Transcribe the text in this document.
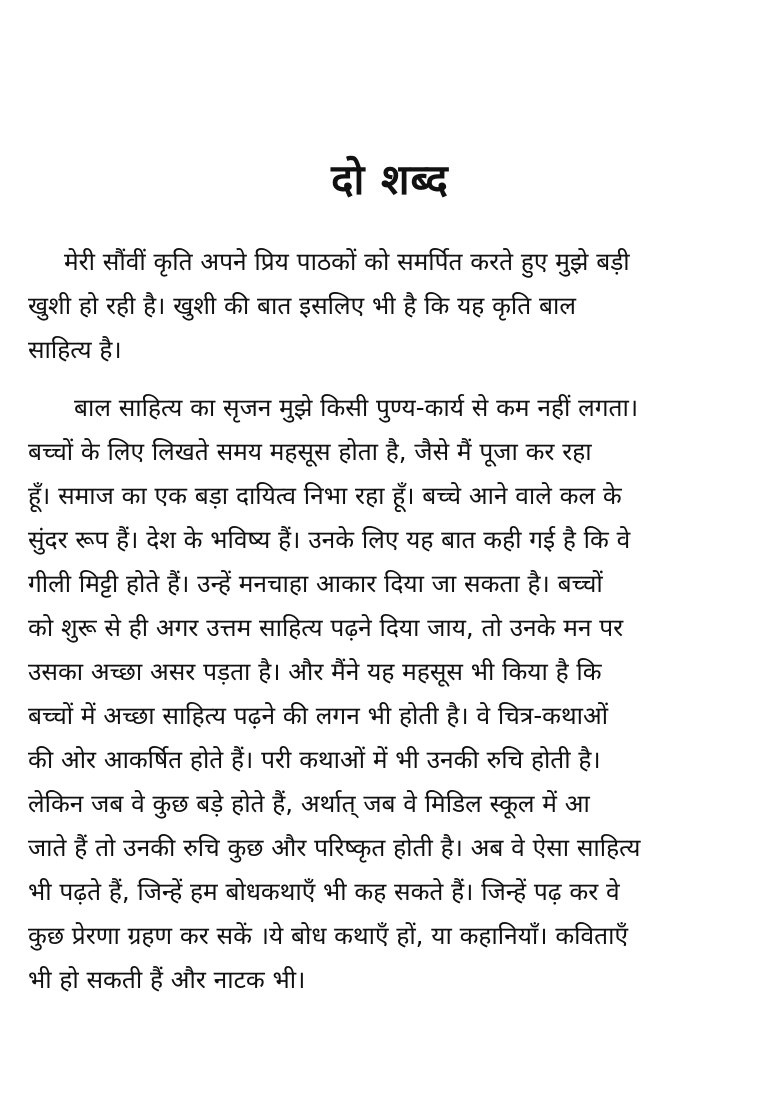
दो शब्द
मेरी सौंवीं कृति अपने प्रिय पाठकों को समर्पित करते हुए मुझे बड़ी
खुशी हो रही है। खुशी की बात इसलिए भी है कि यह कृति बाल
साहित्य है।
बाल साहित्य का सृजन मुझे किसी पुण्य-कार्य से कम नहीं लगता।
बच्चों के लिए लिखते समय महसूस होता है, जैसे मैं पूजा कर रहा
हूँ। समाज का एक बड़ा दायित्व निभा रहा हूँ। बच्चे आने वाले कल के
सुंदर रूप हैं। देश के भविष्य हैं। उनके लिए यह बात कही गई है कि वे
गीली मिट्टी होते हैं। उन्हें मनचाहा आकार दिया जा सकता है। बच्चों
को शुरू से ही अगर उत्तम साहित्य पढ़ने दिया जाय, तो उनके मन पर
उसका अच्छा असर पड़ता है। और मैंने यह महसूस भी किया है कि
बच्चों में अच्छा साहित्य पढ़ने की लगन भी होती है। वे चित्र-कथाओं
की ओर आकर्षित होते हैं। परी कथाओं में भी उनकी रुचि होती है।
लेकिन जब वे कुछ बड़े होते हैं, अर्थात् जब वे मिडिल स्कूल में आ
जाते हैं तो उनकी रुचि कुछ और परिष्कृत होती है। अब वे ऐसा साहित्य
भी पढ़ते हैं, जिन्हें हम बोधकथाएँ भी कह सकते हैं। जिन्हें पढ़ कर वे
कुछ प्रेरणा ग्रहण कर सकें ।ये बोध कथाएँ हों, या कहानियाँ। कविताएँ
भी हो सकती हैं और नाटक भी।
